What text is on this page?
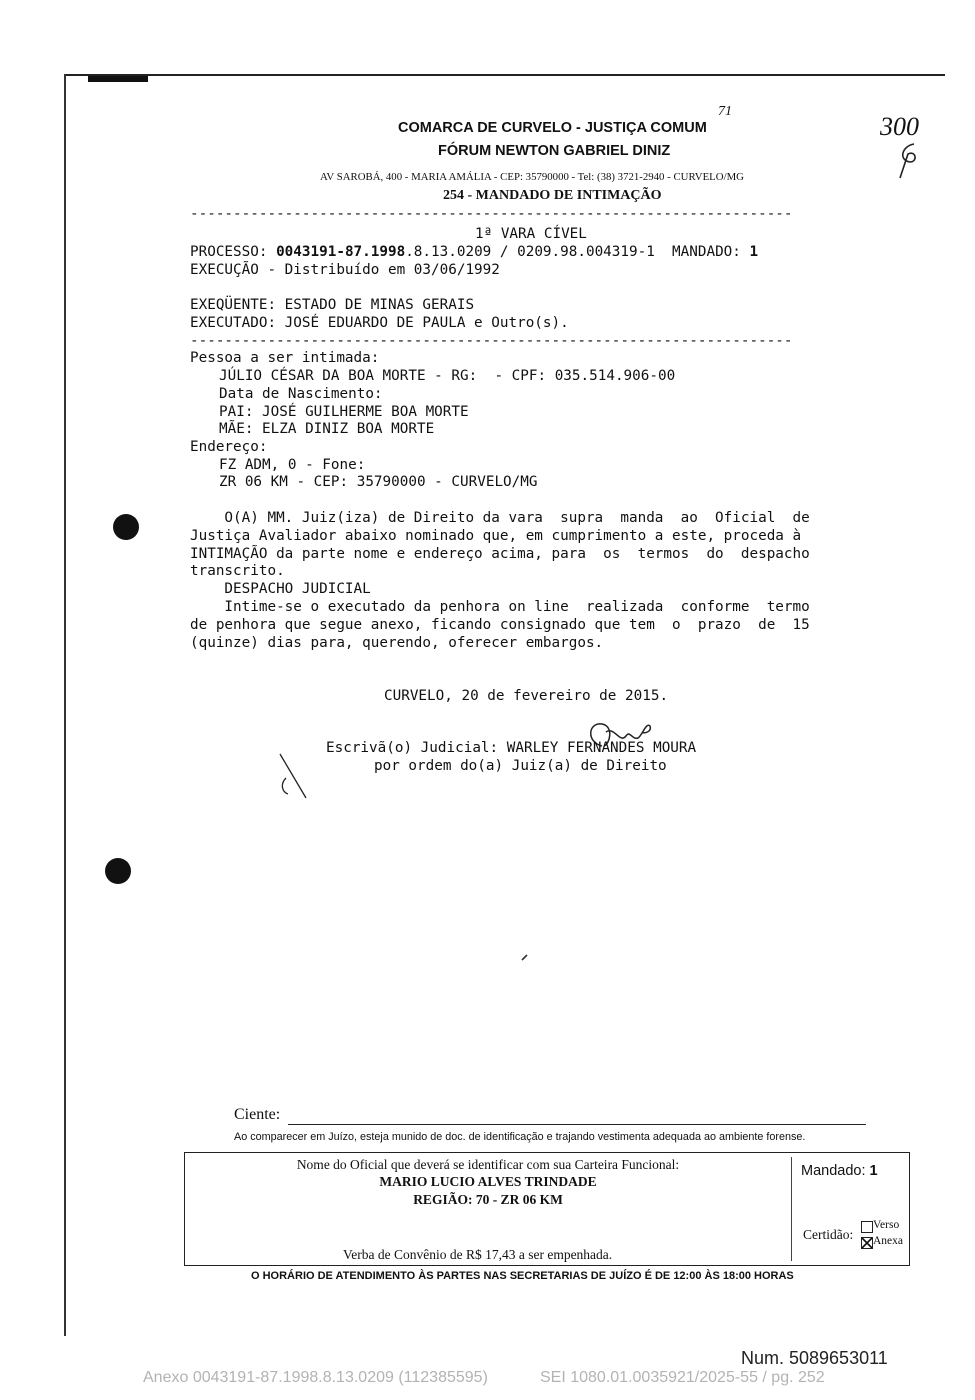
71
300
COMARCA DE CURVELO - JUSTIÇA COMUM
FÓRUM NEWTON GABRIEL DINIZ
AV SAROBÁ, 400 - MARIA AMÁLIA - CEP: 35790000 - Tel: (38) 3721-2940 - CURVELO/MG
254 - MANDADO DE INTIMAÇÃO
----------------------------------------------------------------------
1ª VARA CÍVEL
PROCESSO: 0043191-87.1998.8.13.0209 / 0209.98.004319-1  MANDADO: 1
EXECUÇÃO - Distribuído em 03/06/1992
EXEQÜENTE: ESTADO DE MINAS GERAIS
EXECUTADO: JOSÉ EDUARDO DE PAULA e Outro(s).
----------------------------------------------------------------------
Pessoa a ser intimada:
JÚLIO CÉSAR DA BOA MORTE - RG:  - CPF: 035.514.906-00
Data de Nascimento:
PAI: JOSÉ GUILHERME BOA MORTE
MÃE: ELZA DINIZ BOA MORTE
Endereço:
FZ ADM, 0 - Fone:
ZR 06 KM - CEP: 35790000 - CURVELO/MG
O(A) MM. Juiz(iza) de Direito da vara  supra  manda  ao  Oficial  de
Justiça Avaliador abaixo nominado que, em cumprimento a este, proceda à
INTIMAÇÃO da parte nome e endereço acima, para  os  termos  do  despacho
transcrito.
DESPACHO JUDICIAL
Intime-se o executado da penhora on line  realizada  conforme  termo
de penhora que segue anexo, ficando consignado que tem  o  prazo  de  15
(quinze) dias para, querendo, oferecer embargos.
CURVELO, 20 de fevereiro de 2015.
Escrivã(o) Judicial: WARLEY FERNANDES MOURA
por ordem do(a) Juiz(a) de Direito
Ciente:
Ao comparecer em Juízo, esteja munido de doc. de identificação e trajando vestimenta adequada ao ambiente forense.
Nome do Oficial que deverá se identificar com sua Carteira Funcional:
MARIO LUCIO ALVES TRINDADE
REGIÃO: 70 - ZR 06 KM
Verba de Convênio de R$ 17,43 a ser empenhada.
Mandado: 1
Certidão:
Verso
Anexa
O HORÁRIO DE ATENDIMENTO ÀS PARTES NAS SECRETARIAS DE JUÍZO É DE 12:00 ÀS 18:00 HORAS
Num. 5089653011
Anexo 0043191-87.1998.8.13.0209 (112385595)	SEI 1080.01.0035921/2025-55 / pg. 252
